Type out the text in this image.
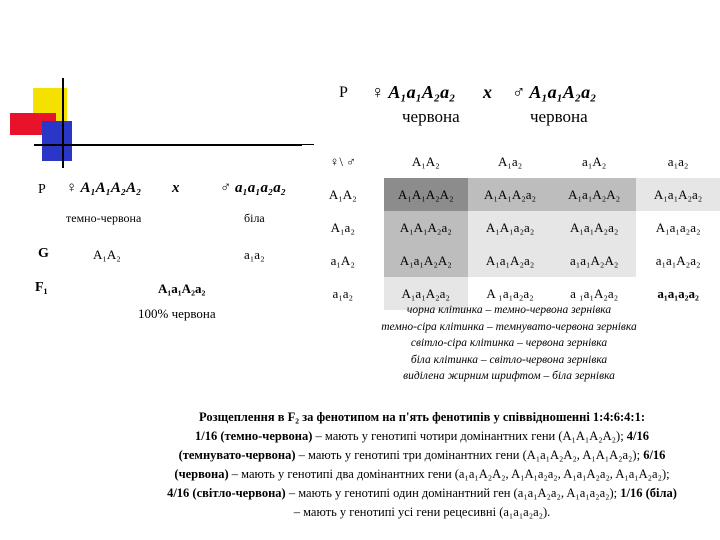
P ♀ A₁a₁A₂a₂ x ♂ A₁a₁A₂a₂
червона	червона
P ♀ A₁A₁A₂A₂ x	♂ a₁a₁a₂a₂
темно-червона	біла
G	A₁A₂	a₁a₂
F₁	A₁a₁A₂a₂
100% червона
♀\ ♂	A₁A₂	A₁a₂	a₁A₂	a₁a₂
A₁A₂	A₁A₁A₂A₂	A₁A₁A₂a₂	A₁a₁A₂A₂	A₁a₁A₂a₂
A₁a₂	A₁A₁A₂a₂	A₁A₁a₂a₂	A₁a₁A₂a₂	A₁a₁a₂a₂
a₁A₂	A₁a₁A₂A₂	A₁a₁A₂a₂	a₁a₁A₂A₂	a₁a₁A₂a₂
a₁a₂	A₁a₁A₂a₂	A ₁a₁a₂a₂	a ₁a₁A₂a₂	a₁a₁a₂a₂
чорна клітинка – темно-червона зернівка
темно-сіра клітинка – темнувато-червона зернівка
світло-сіра клітинка – червона зернівка
біла клітинка – світло-червона зернівка
виділена жирним шрифтом – біла зернівка
Розщеплення в F₂ за фенотипом на п'ять фенотипів у співвідношенні 1:4:6:4:1:
1/16 (темно-червона) – мають у генотипі чотири домінантних гени (A₁A₁A₂A₂); 4/16
(темнувато-червона) – мають у генотипі три домінантних гени (A₁a₁A₂A₂, A₁A₁A₂a₂); 6/16
(червона) – мають у генотипі два домінантних гени (a₁a₁A₂A₂, A₁A₁a₂a₂, A₁a₁A₂a₂, A₁a₁A₂a₂);
4/16 (світло-червона) – мають у генотипі один домінантний ген (a₁a₁A₂a₂, A₁a₁a₂a₂); 1/16 (біла)
– мають у генотипі усі гени рецесивні (a₁a₁a₂a₂).
